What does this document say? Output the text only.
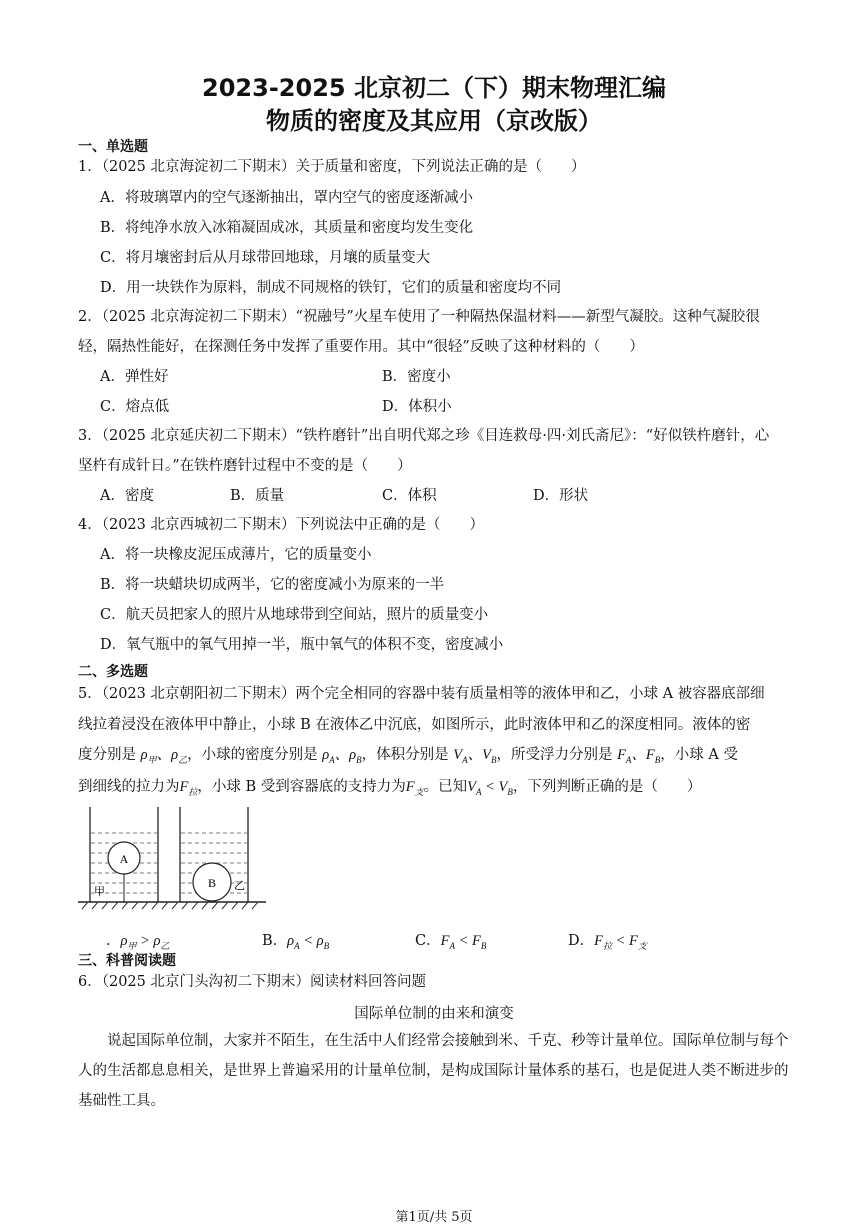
2023-2025 北京初二（下）期末物理汇编
物质的密度及其应用（京改版）
一、单选题
1．（2025 北京海淀初二下期末）关于质量和密度，下列说法正确的是（　　）
A．将玻璃罩内的空气逐渐抽出，罩内空气的密度逐渐减小
B．将纯净水放入冰箱凝固成冰，其质量和密度均发生变化
C．将月壤密封后从月球带回地球，月壤的质量变大
D．用一块铁作为原料，制成不同规格的铁钉，它们的质量和密度均不同
2．（2025 北京海淀初二下期末）“祝融号”火星车使用了一种隔热保温材料——新型气凝胶。这种气凝胶很
轻，隔热性能好，在探测任务中发挥了重要作用。其中“很轻”反映了这种材料的（　　）
A．弹性好	B．密度小
C．熔点低	D．体积小
3．（2025 北京延庆初二下期末）“铁杵磨针”出自明代郑之珍《目连救母·四·刘氏斋尼》：“好似铁杵磨针，心
坚杵有成针日。”在铁杵磨针过程中不变的是（　　）
A．密度	B．质量	C．体积	D．形状
4．（2023 北京西城初二下期末）下列说法中正确的是（　　）
A．将一块橡皮泥压成薄片，它的质量变小
B．将一块蜡块切成两半，它的密度减小为原来的一半
C．航天员把家人的照片从地球带到空间站，照片的质量变小
D．氧气瓶中的氧气用掉一半，瓶中氧气的体积不变，密度减小
二、多选题
5．（2023 北京朝阳初二下期末）两个完全相同的容器中装有质量相等的液体甲和乙，小球 A 被容器底部细
线拉着浸没在液体甲中静止，小球 B 在液体乙中沉底，如图所示，此时液体甲和乙的深度相同。液体的密
度分别是 $\rho_甲$、$\rho_乙$，小球的密度分别是 $\rho_A$、$\rho_B$，体积分别是 $V_A$、$V_B$，所受浮力分别是 $F_A$、$F_B$，小球 A 受
到细线的拉力为$F_拉$，小球 B 受到容器底的支持力为$F_支$。已知$V_A < V_B$，下列判断正确的是（　　）
A
甲
B 乙
．$\rho_甲 > \rho_乙$	B．$\rho_A < \rho_B$	C．$F_A < F_B$	D．$F_拉 < F_支$
三、科普阅读题
6．（2025 北京门头沟初二下期末）阅读材料回答问题
国际单位制的由来和演变
说起国际单位制，大家并不陌生，在生活中人们经常会接触到米、千克、秒等计量单位。国际单位制与每个人的生活都息息相关，是世界上普遍采用的计量单位制，是构成国际计量体系的基石，也是促进人类不断进步的基础性工具。
第1页/共 5页
